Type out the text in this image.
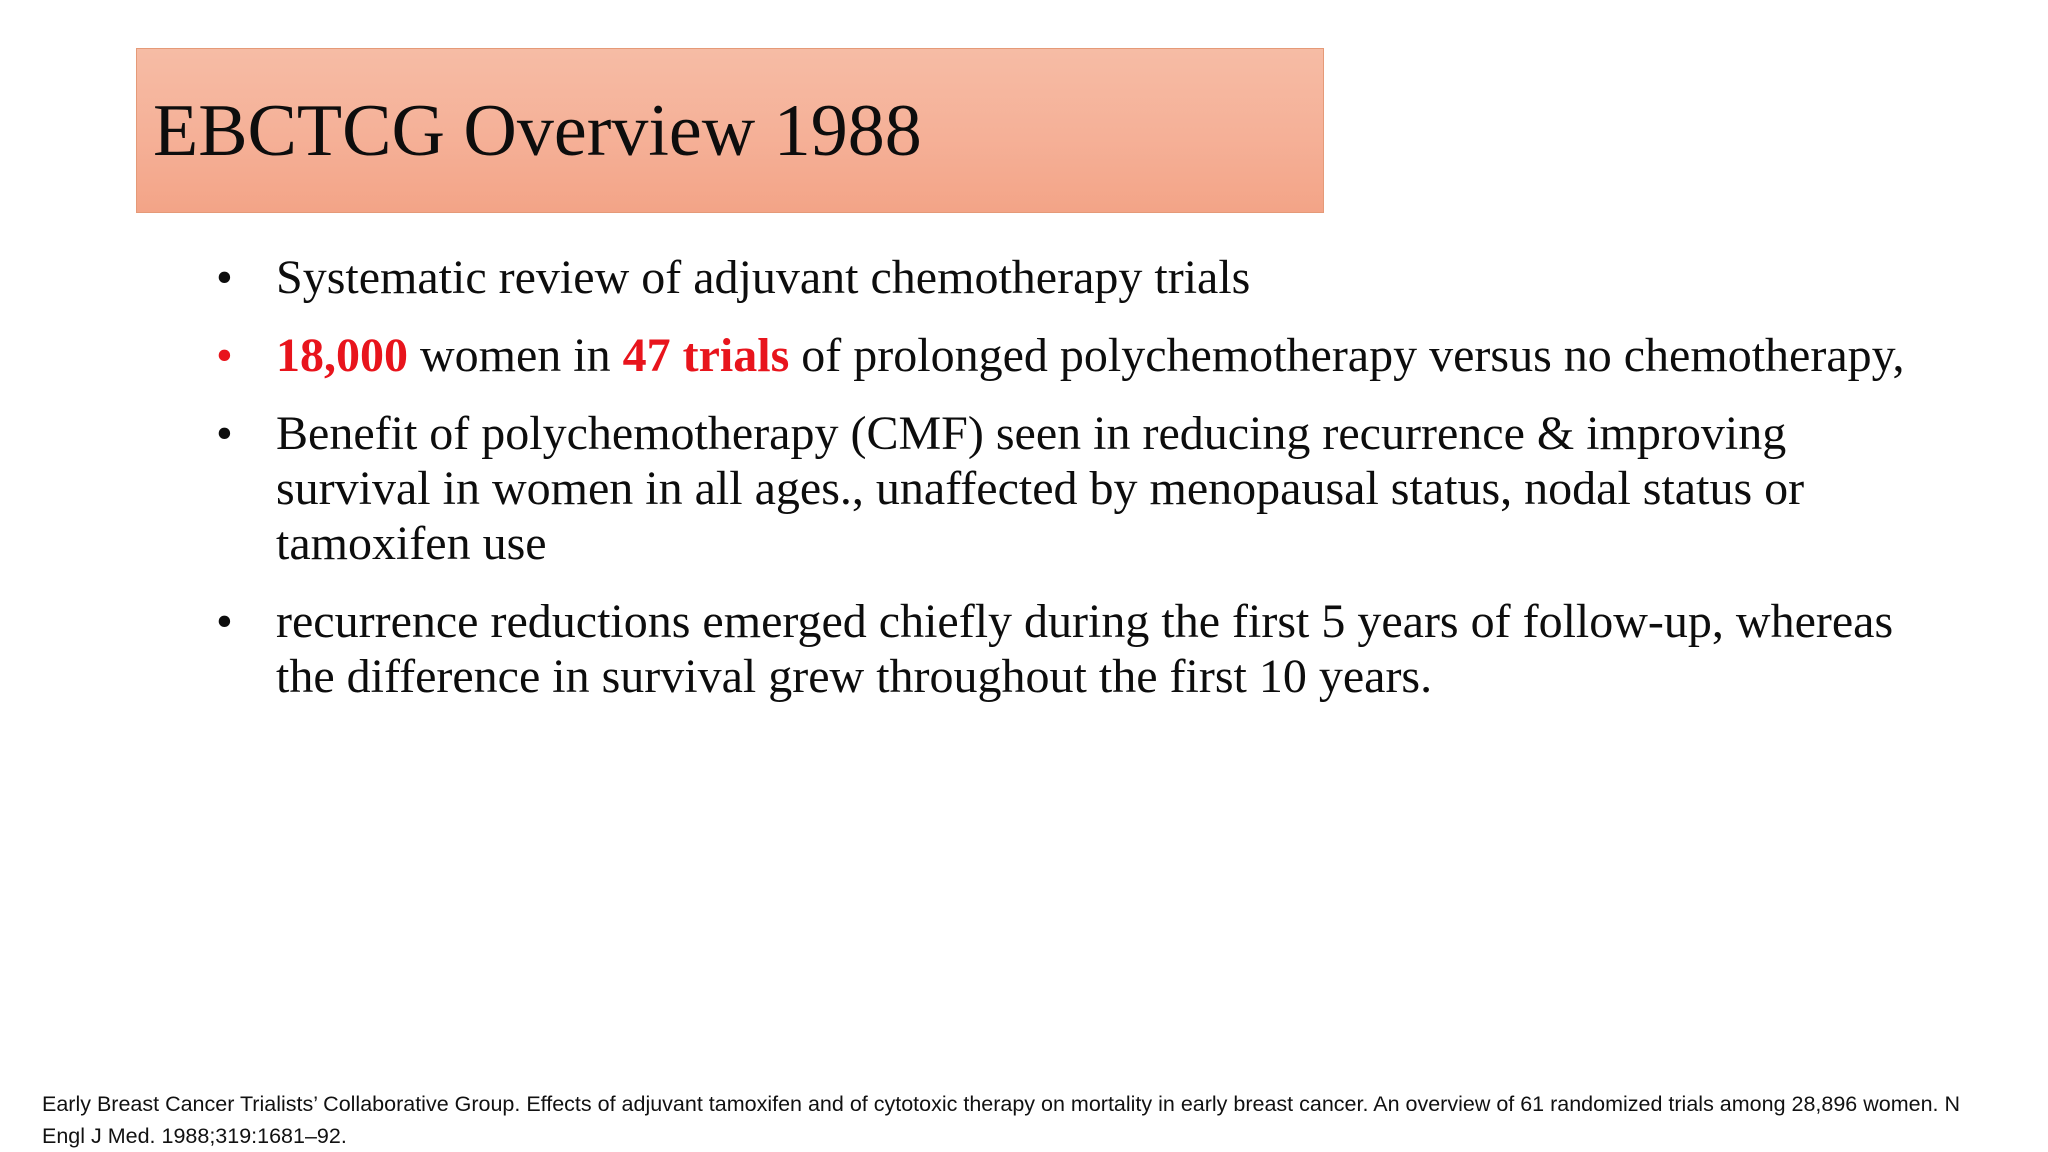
EBCTCG Overview 1988
• Systematic review of adjuvant chemotherapy trials
• 18,000 women in 47 trials of prolonged polychemotherapy versus no chemotherapy,
• Benefit of polychemotherapy (CMF) seen in reducing recurrence & improving survival in women in all ages., unaffected by menopausal status, nodal status or tamoxifen use
• recurrence reductions emerged chiefly during the first 5 years of follow-up, whereas the difference in survival grew throughout the first 10 years.

Early Breast Cancer Trialists’ Collaborative Group. Effects of adjuvant tamoxifen and of cytotoxic therapy on mortality in early breast cancer. An overview of 61 randomized trials among 28,896 women. N Engl J Med. 1988;319:1681–92.
